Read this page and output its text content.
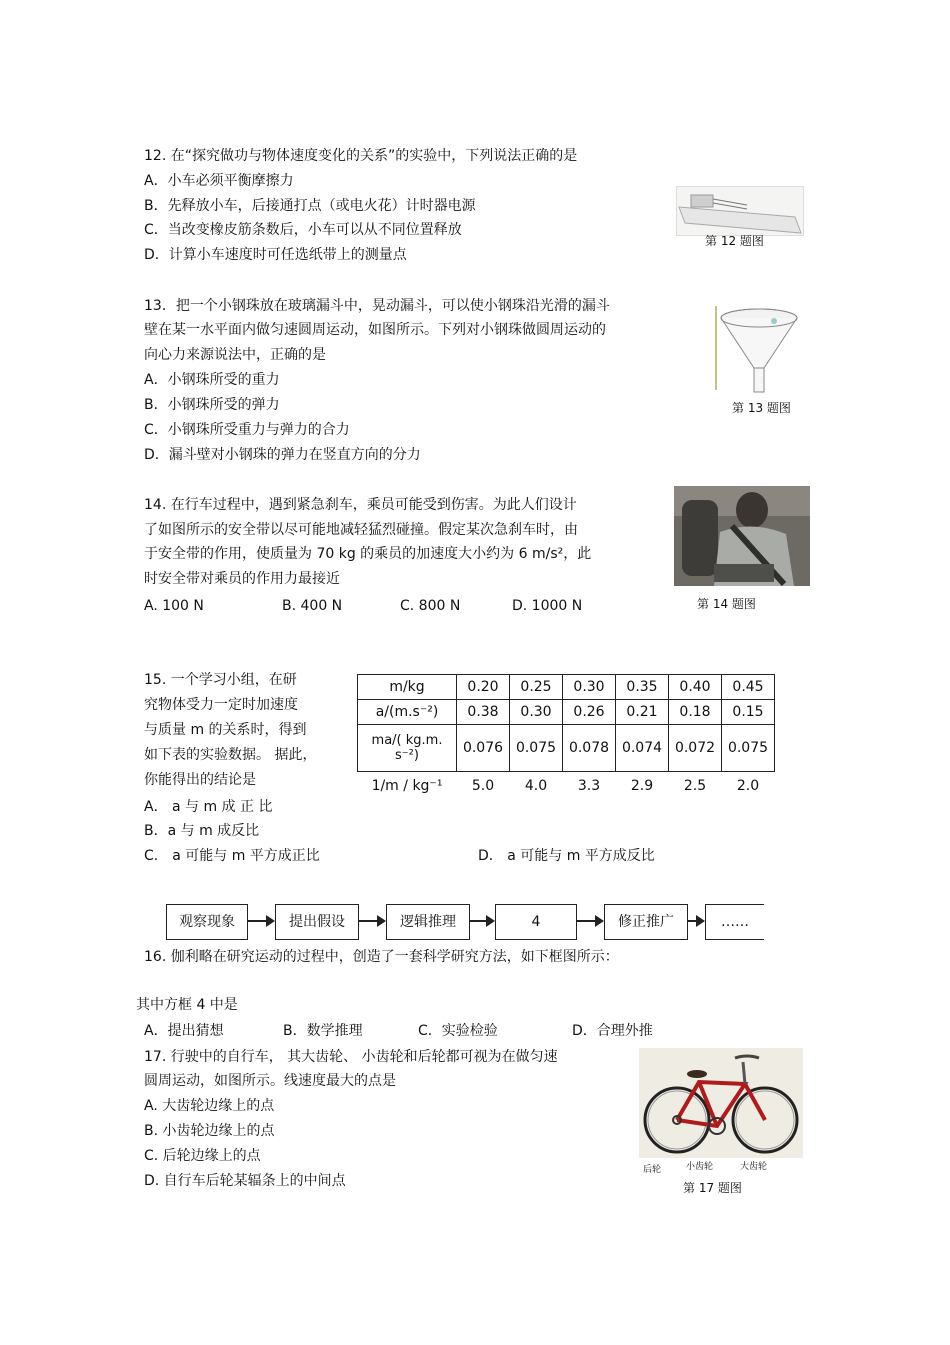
12. 在“探究做功与物体速度变化的关系”的实验中，下列说法正确的是
A．小车必须平衡摩擦力
B．先释放小车，后接通打点（或电火花）计时器电源
C．当改变橡皮筋条数后，小车可以从不同位置释放
D．计算小车速度时可任选纸带上的测量点
第 12 题图
13．把一个小钢珠放在玻璃漏斗中，晃动漏斗，可以使小钢珠沿光滑的漏斗
壁在某一水平面内做匀速圆周运动，如图所示。下列对小钢珠做圆周运动的
向心力来源说法中，正确的是
A．小钢珠所受的重力
B．小钢珠所受的弹力
C．小钢珠所受重力与弹力的合力
D．漏斗壁对小钢珠的弹力在竖直方向的分力
第 13 题图
14. 在行车过程中，遇到紧急刹车，乘员可能受到伤害。为此人们设计
了如图所示的安全带以尽可能地减轻猛烈碰撞。假定某次急刹车时，由
于安全带的作用，使质量为 70 kg 的乘员的加速度大小约为 6 m/s²，此
时安全带对乘员的作用力最接近
A. 100 N	B. 400 N	C. 800 N	D. 1000 N	第 14 题图
15. 一个学习小组，在研
究物体受力一定时加速度
与质量 m 的关系时，得到
如下表的实验数据。 据此，
你能得出的结论是
A． a 与 m 成 正 比
B．a 与 m 成反比
C． a 可能与 m 平方成正比	D． a 可能与 m 平方成反比
m/kg	0.20	0.25	0.30	0.35	0.40	0.45
a/(m.s⁻²)	0.38	0.30	0.26	0.21	0.18	0.15
ma/( kg.m. s⁻²)	0.076	0.075	0.078	0.074	0.072	0.075
1/m / kg⁻¹	5.0	4.0	3.3	2.9	2.5	2.0
观察现象	提出假设	逻辑推理	4	修正推广	……
16. 伽利略在研究运动的过程中，创造了一套科学研究方法，如下框图所示：
其中方框 4 中是
A．提出猜想	B．数学推理	C．实验检验	D．合理外推
17. 行驶中的自行车， 其大齿轮、 小齿轮和后轮都可视为在做匀速
圆周运动，如图所示。线速度最大的点是
A. 大齿轮边缘上的点
B. 小齿轮边缘上的点
C. 后轮边缘上的点
D. 自行车后轮某辐条上的中间点
后轮	小齿轮	大齿轮
第 17 题图
